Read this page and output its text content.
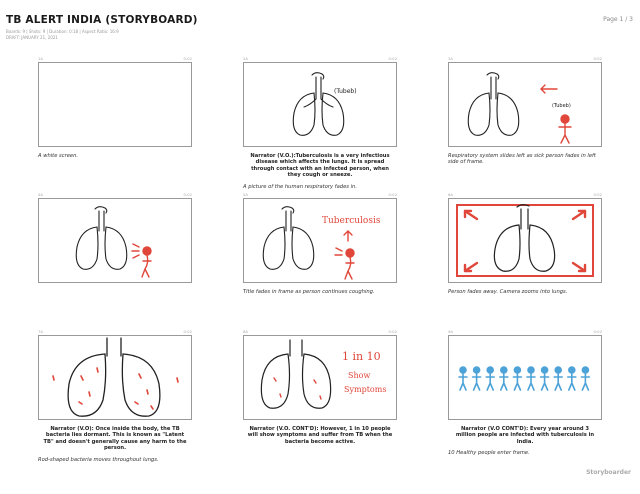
TB ALERT INDIA (STORYBOARD)
Boards: 9 | Shots: 9 | Duration: 0:18 | Aspect Ratio: 16:9
DRAFT: JANUARY 21, 2021
Page 1 / 3
1A	0:02
A white screen.
2A	0:02
(Tubeb)
Narrator (V.O.):Tuberculosis is a very infectious disease which affects the lungs. It is spread through contact with an infected person, when they cough or sneeze.
A picture of the human respiratory fades in.
3A	0:02
(Tubeb)
Respiratory system slides left as sick person fades in left side of frame.
4A	0:02	5A	0:02
Tuberculosis
Title fades in frame as person continues coughing.
6A	0:02
Person fades away. Camera zooms into lungs.
7A	0:02
Narrator (V.O): Once inside the body, the TB bacteria lies dormant. This is known as "Latent TB" and doesn't generally cause any harm to the person.
Rod-shaped bacteria moves throughout lungs.
8A	0:02
1 in 10
Show
Symptoms
Narrator (V.O. CONT'D): However, 1 in 10 people will show symptoms and suffer from TB when the bacteria become active.
9A	0:02
Narrator (V.O CONT'D): Every year around 3 million people are infected with tuberculosis in India.
10 Healthy people enter frame.
Storyboarder
